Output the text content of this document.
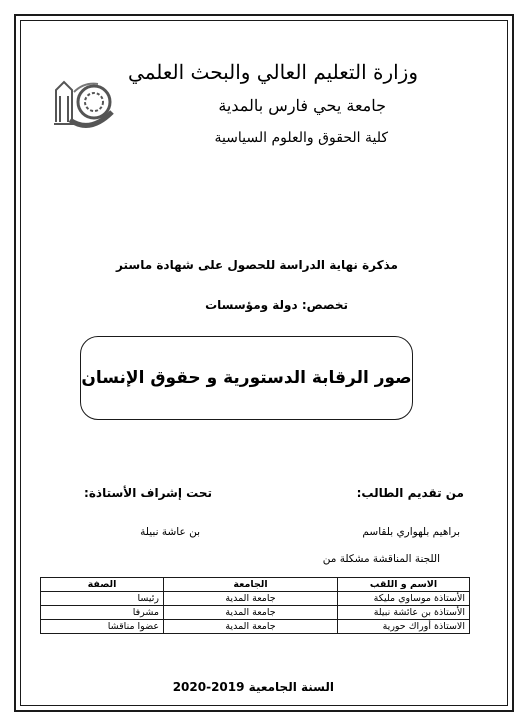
وزارة التعليم العالي والبحث العلمي
جامعة يحي فارس بالمدية
كلية الحقوق والعلوم السياسية
مذكرة نهاية الدراسة للحصول على شهادة ماستر
تخصص: دولة ومؤسسات
صور الرقابة الدستورية و حقوق الإنسان
من تقديم الطالب:
تحت إشراف الأستاذة:
براهيم بلهواري بلقاسم
بن عاشة نبيلة
اللجنة المناقشة مشكلة من
الاسم و اللقب	الجامعة	الصفة
الأستاذة موساوي مليكة	جامعة المدية	رئيسا
الأستاذة بن عائشة نبيلة	جامعة المدية	مشرفا
الاستاذة أوراك حورية	جامعة المدية	عضوا مناقشا
السنة الجامعية 2019-2020
